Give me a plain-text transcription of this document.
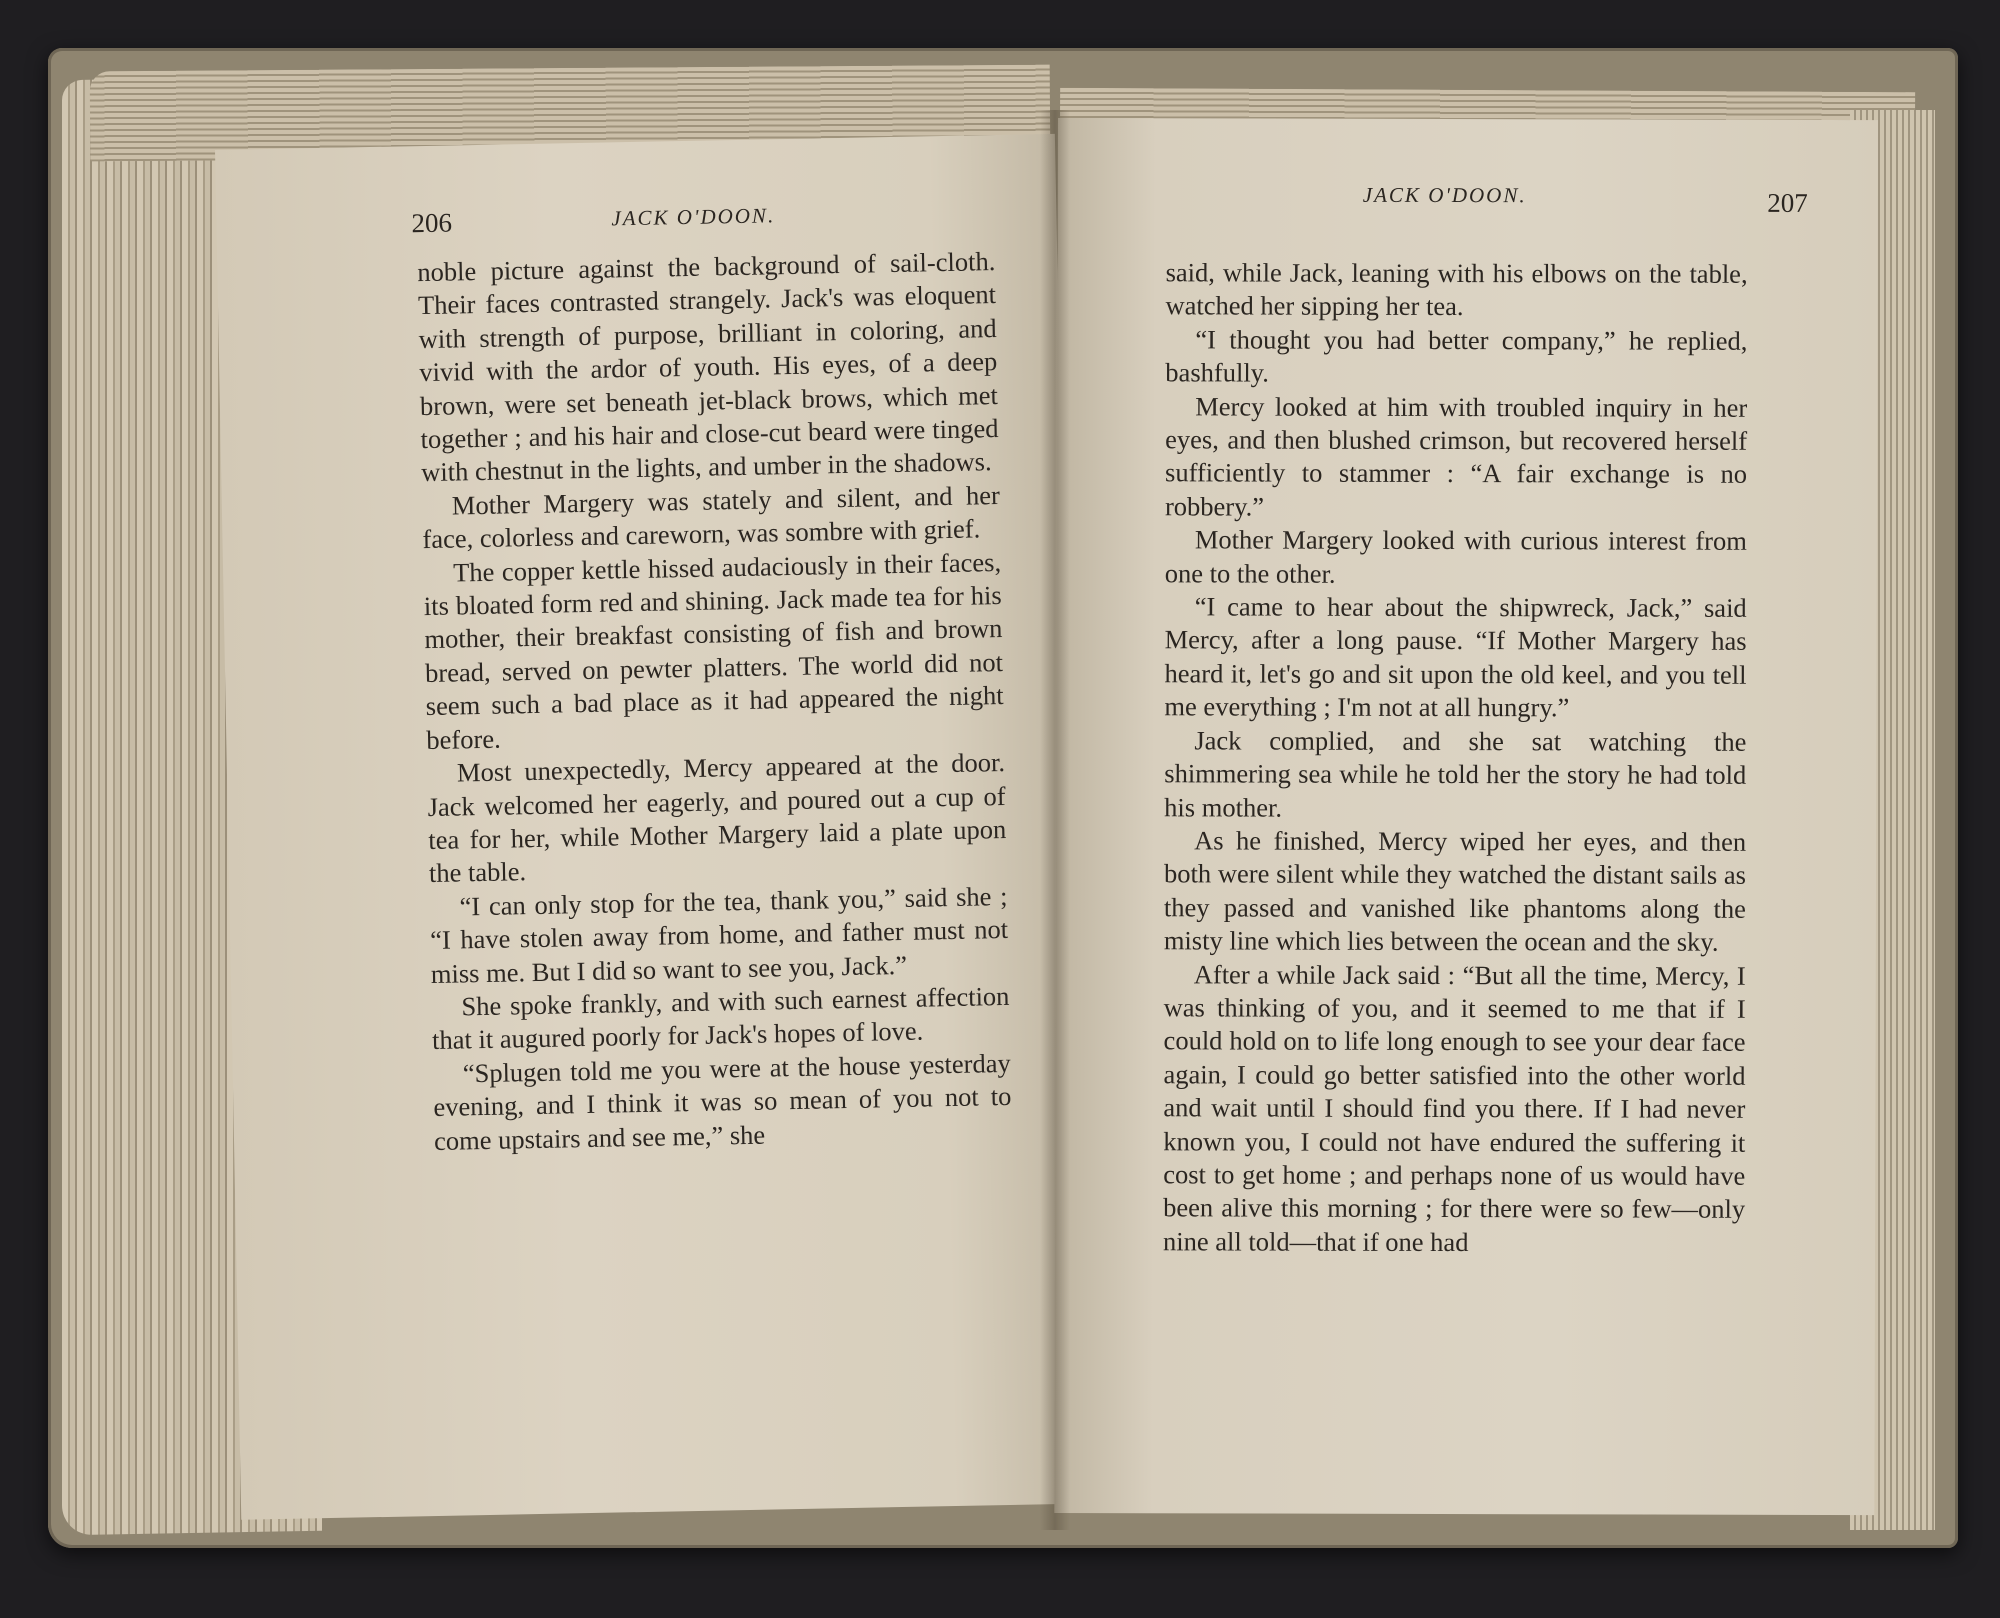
206	JACK O'DOON.

noble picture against the background of sail-cloth. Their faces contrasted strangely. Jack's was eloquent with strength of purpose, brilliant in coloring, and vivid with the ardor of youth. His eyes, of a deep brown, were set beneath jet-black brows, which met together ; and his hair and close-cut beard were tinged with chestnut in the lights, and umber in the shadows.

Mother Margery was stately and silent, and her face, colorless and careworn, was sombre with grief.

The copper kettle hissed audaciously in their faces, its bloated form red and shining. Jack made tea for his mother, their breakfast consisting of fish and brown bread, served on pewter platters. The world did not seem such a bad place as it had appeared the night before.

Most unexpectedly, Mercy appeared at the door. Jack welcomed her eagerly, and poured out a cup of tea for her, while Mother Margery laid a plate upon the table.

“I can only stop for the tea, thank you,” said she ; “I have stolen away from home, and father must not miss me. But I did so want to see you, Jack.”

She spoke frankly, and with such earnest affection that it augured poorly for Jack's hopes of love.

“Splugen told me you were at the house yesterday evening, and I think it was so mean of you not to come upstairs and see me,” she

JACK O'DOON.	207

said, while Jack, leaning with his elbows on the table, watched her sipping her tea.

“I thought you had better company,” he replied, bashfully.

Mercy looked at him with troubled inquiry in her eyes, and then blushed crimson, but recovered herself sufficiently to stammer : “A fair exchange is no robbery.”

Mother Margery looked with curious interest from one to the other.

“I came to hear about the shipwreck, Jack,” said Mercy, after a long pause. “If Mother Margery has heard it, let's go and sit upon the old keel, and you tell me everything ; I'm not at all hungry.”

Jack complied, and she sat watching the shimmering sea while he told her the story he had told his mother.

As he finished, Mercy wiped her eyes, and then both were silent while they watched the distant sails as they passed and vanished like phantoms along the misty line which lies between the ocean and the sky.

After a while Jack said : “But all the time, Mercy, I was thinking of you, and it seemed to me that if I could hold on to life long enough to see your dear face again, I could go better satisfied into the other world and wait until I should find you there. If I had never known you, I could not have endured the suffering it cost to get home ; and perhaps none of us would have been alive this morning ; for there were so few—only nine all told—that if one had
